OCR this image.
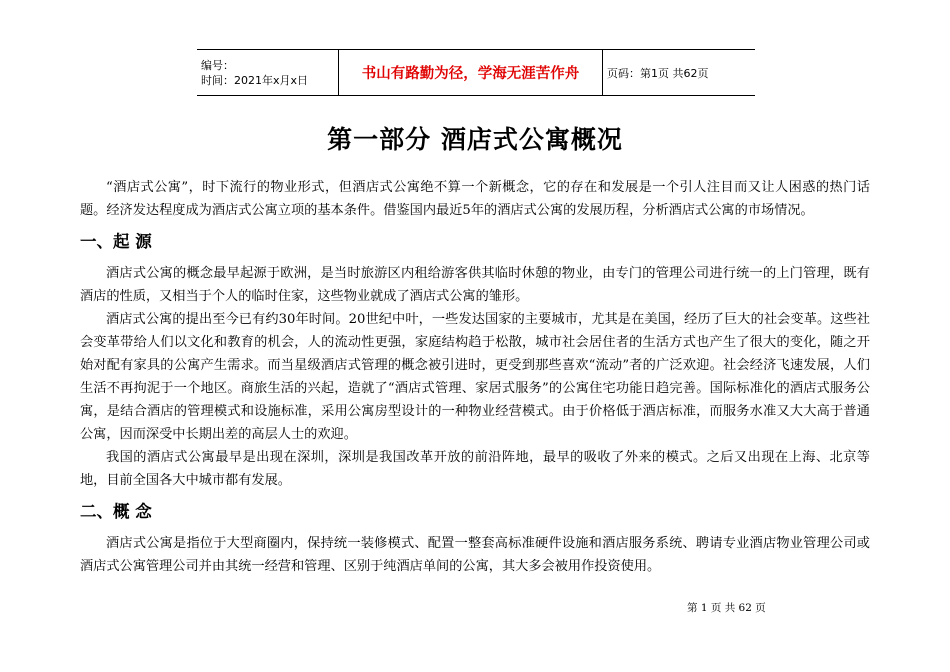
编号：
时间：2021年x月x日	书山有路勤为径，学海无涯苦作舟	页码：第1页 共62页
第一部分 酒店式公寓概况

“酒店式公寓”，时下流行的物业形式，但酒店式公寓绝不算一个新概念，它的存在和发展是一个引人注目而又让人困惑的热门话题。经济发达程度成为酒店式公寓立项的基本条件。借鉴国内最近5年的酒店式公寓的发展历程，分析酒店式公寓的市场情况。

一、起 源

酒店式公寓的概念最早起源于欧洲，是当时旅游区内租给游客供其临时休憩的物业，由专门的管理公司进行统一的上门管理，既有酒店的性质，又相当于个人的临时住家，这些物业就成了酒店式公寓的雏形。

酒店式公寓的提出至今已有约30年时间。20世纪中叶，一些发达国家的主要城市，尤其是在美国，经历了巨大的社会变革。这些社会变革带给人们以文化和教育的机会，人的流动性更强，家庭结构趋于松散，城市社会居住者的生活方式也产生了很大的变化，随之开始对配有家具的公寓产生需求。而当星级酒店式管理的概念被引进时，更受到那些喜欢“流动”者的广泛欢迎。社会经济飞速发展，人们生活不再拘泥于一个地区。商旅生活的兴起，造就了“酒店式管理、家居式服务”的公寓住宅功能日趋完善。国际标准化的酒店式服务公寓，是结合酒店的管理模式和设施标准，采用公寓房型设计的一种物业经营模式。由于价格低于酒店标准，而服务水准又大大高于普通公寓，因而深受中长期出差的高层人士的欢迎。

我国的酒店式公寓最早是出现在深圳，深圳是我国改革开放的前沿阵地，最早的吸收了外来的模式。之后又出现在上海、北京等地，目前全国各大中城市都有发展。

二、概 念

酒店式公寓是指位于大型商圈内，保持统一装修模式、配置一整套高标准硬件设施和酒店服务系统、聘请专业酒店物业管理公司或酒店式公寓管理公司并由其统一经营和管理、区别于纯酒店单间的公寓，其大多会被用作投资使用。

第 1 页 共 62 页
